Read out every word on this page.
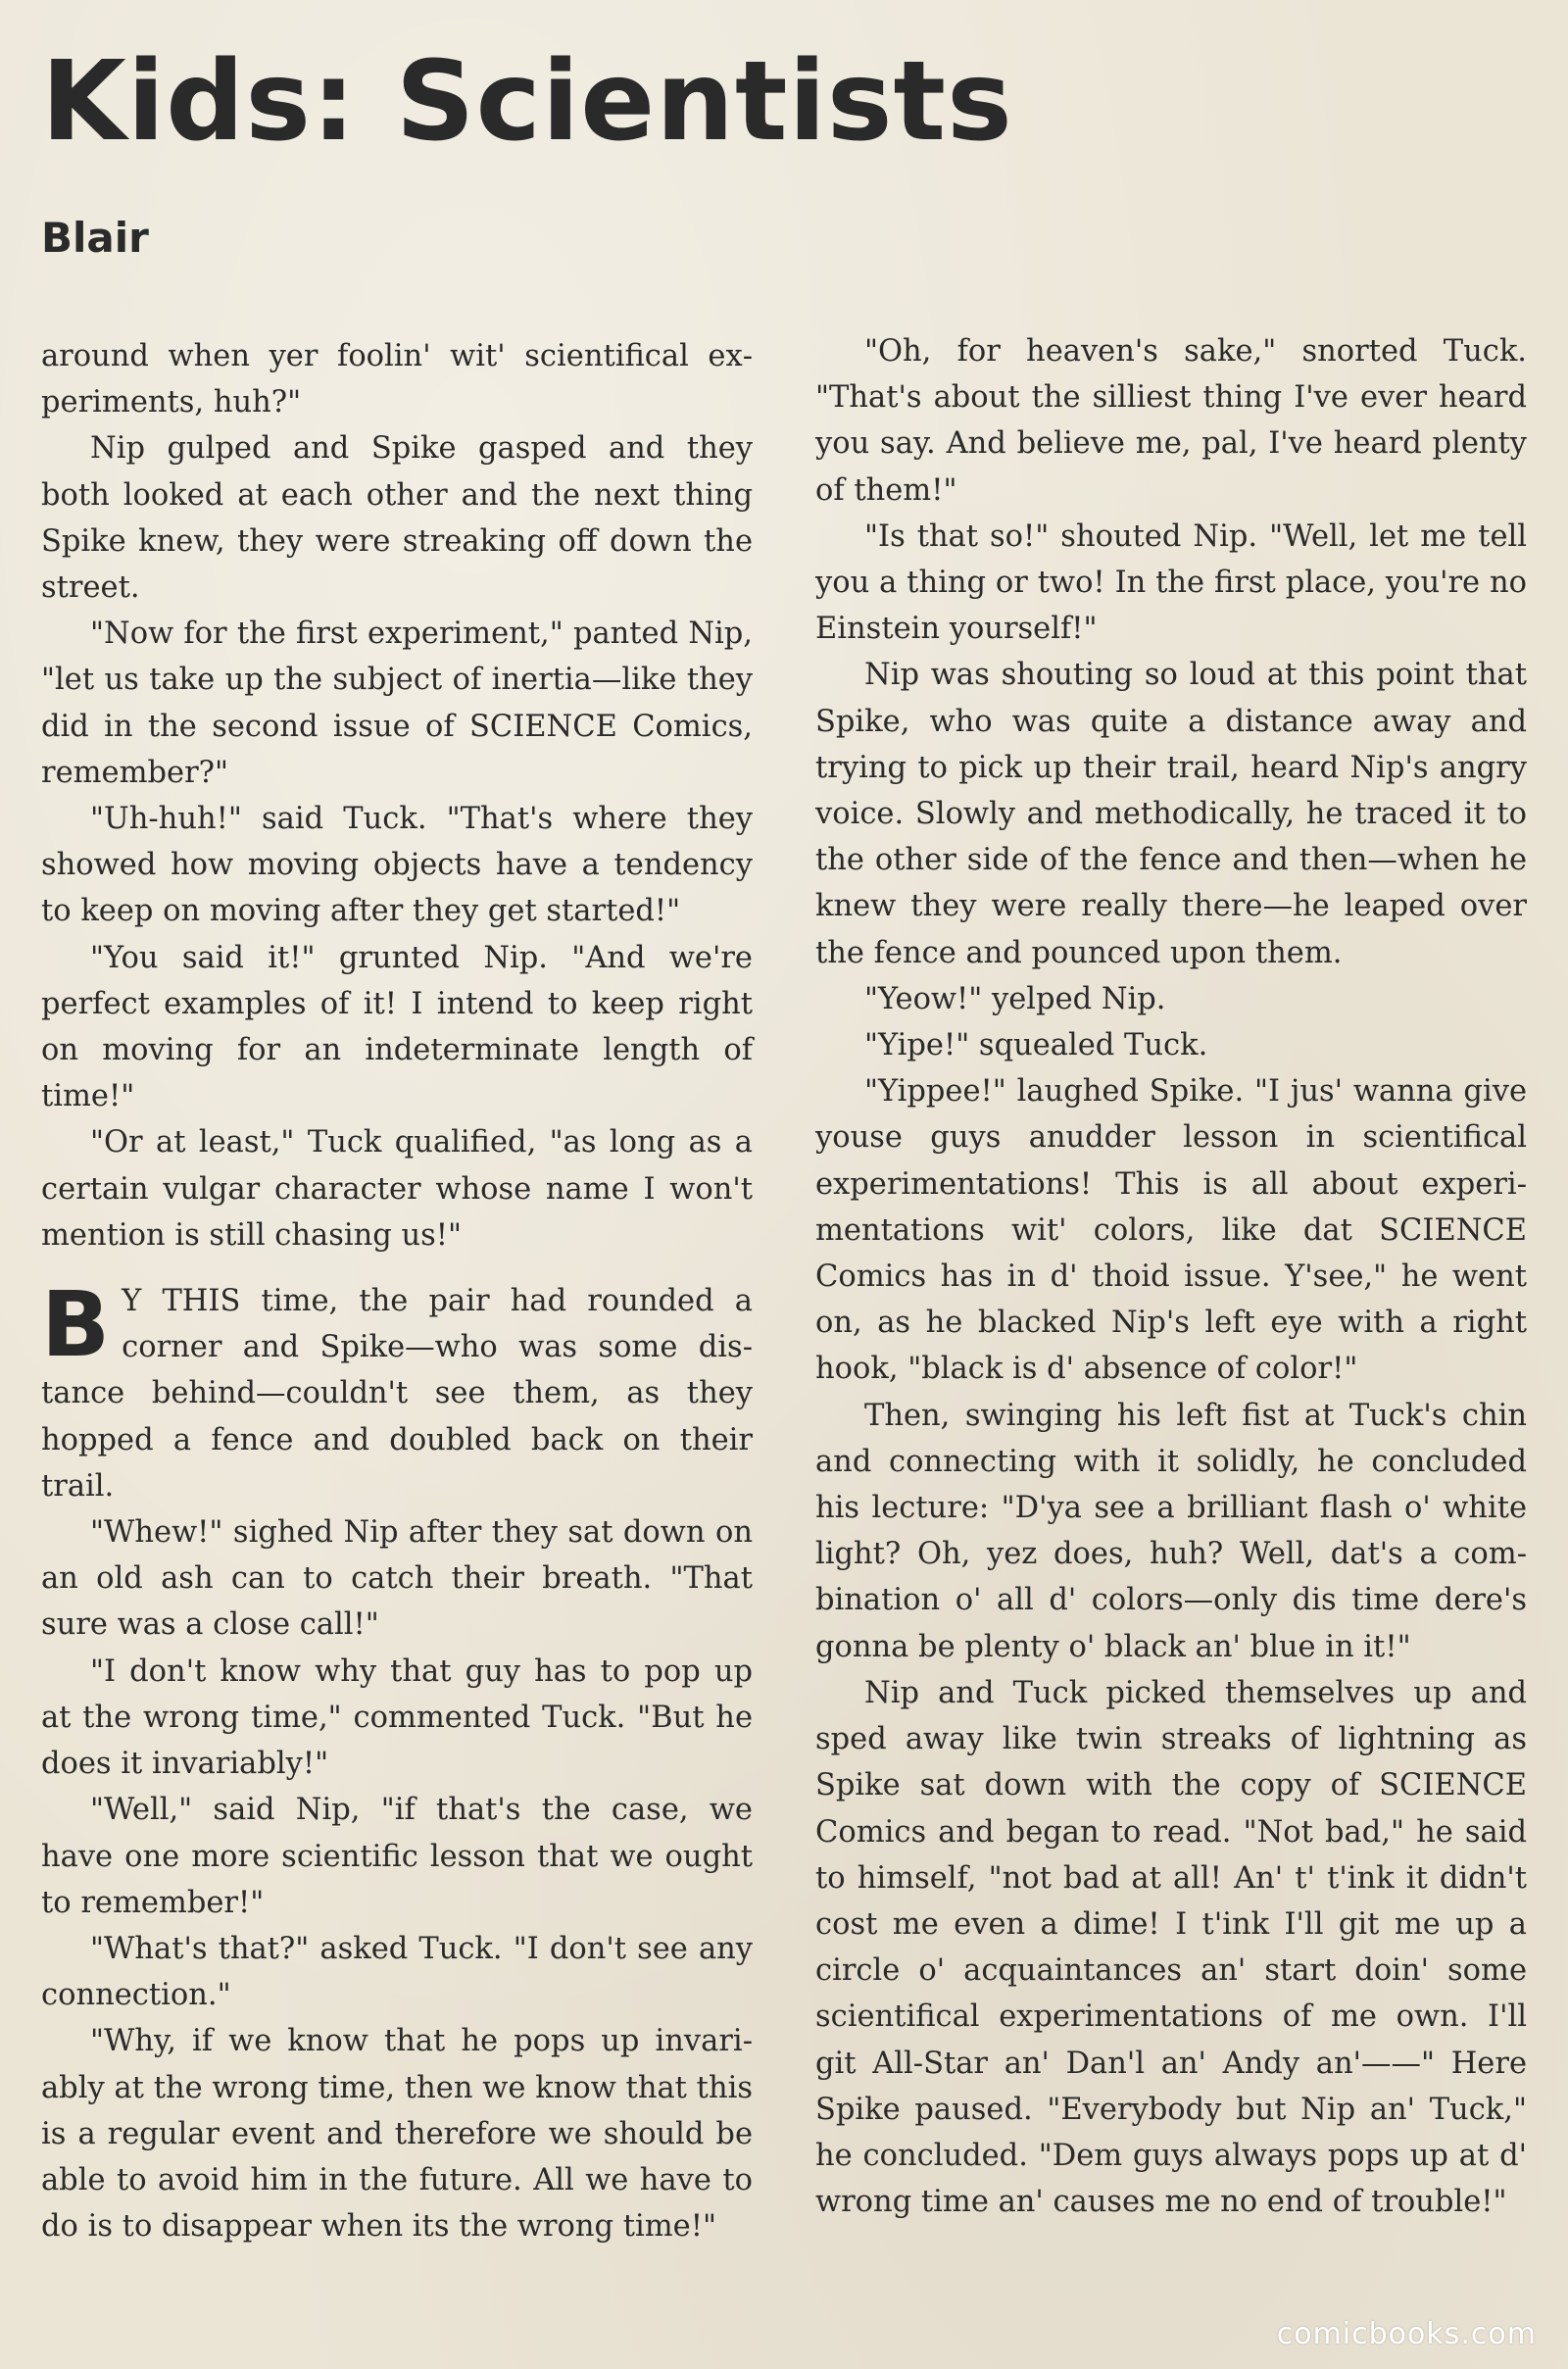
Kids: Scientists
Blair

around when yer foolin' wit' scientifical experiments, huh?"

Nip gulped and Spike gasped and they both looked at each other and the next thing Spike knew, they were streaking off down the street.

"Now for the first experiment," panted Nip, "let us take up the subject of inertia—like they did in the second issue of SCIENCE Comics, remember?"

"Uh-huh!" said Tuck. "That's where they showed how moving objects have a tendency to keep on moving after they get started!"

"You said it!" grunted Nip. "And we're perfect examples of it! I intend to keep right on moving for an indeterminate length of time!"

"Or at least," Tuck qualified, "as long as a certain vulgar character whose name I won't mention is still chasing us!"

B Y THIS time, the pair had rounded a corner and Spike—who was some distance behind—couldn't see them, as they hopped a fence and doubled back on their trail.

"Whew!" sighed Nip after they sat down on an old ash can to catch their breath. "That sure was a close call!"

"I don't know why that guy has to pop up at the wrong time," commented Tuck. "But he does it invariably!"

"Well," said Nip, "if that's the case, we have one more scientific lesson that we ought to remember!"

"What's that?" asked Tuck. "I don't see any connection."

"Why, if we know that he pops up invariably at the wrong time, then we know that this is a regular event and therefore we should be able to avoid him in the future. All we have to do is to disappear when its the wrong time!"

"Oh, for heaven's sake," snorted Tuck. "That's about the silliest thing I've ever heard you say. And believe me, pal, I've heard plenty of them!"

"Is that so!" shouted Nip. "Well, let me tell you a thing or two! In the first place, you're no Einstein yourself!"

Nip was shouting so loud at this point that Spike, who was quite a distance away and trying to pick up their trail, heard Nip's angry voice. Slowly and methodically, he traced it to the other side of the fence and then—when he knew they were really there—he leaped over the fence and pounced upon them.

"Yeow!" yelped Nip.

"Yipe!" squealed Tuck.

"Yippee!" laughed Spike. "I jus' wanna give youse guys anudder lesson in scientifical experimentations! This is all about experimentations wit' colors, like dat SCIENCE Comics has in d' thoid issue. Y'see," he went on, as he blacked Nip's left eye with a right hook, "black is d' absence of color!"

Then, swinging his left fist at Tuck's chin and connecting with it solidly, he concluded his lecture: "D'ya see a brilliant flash o' white light? Oh, yez does, huh? Well, dat's a combination o' all d' colors—only dis time dere's gonna be plenty o' black an' blue in it!"

Nip and Tuck picked themselves up and sped away like twin streaks of lightning as Spike sat down with the copy of SCIENCE Comics and began to read. "Not bad," he said to himself, "not bad at all! An' t' t'ink it didn't cost me even a dime! I t'ink I'll git me up a circle o' acquaintances an' start doin' some scientifical experimentations of me own. I'll git All-Star an' Dan'l an' Andy an'——" Here Spike paused. "Everybody but Nip an' Tuck," he concluded. "Dem guys always pops up at d' wrong time an' causes me no end of trouble!"

comicbooks.com
